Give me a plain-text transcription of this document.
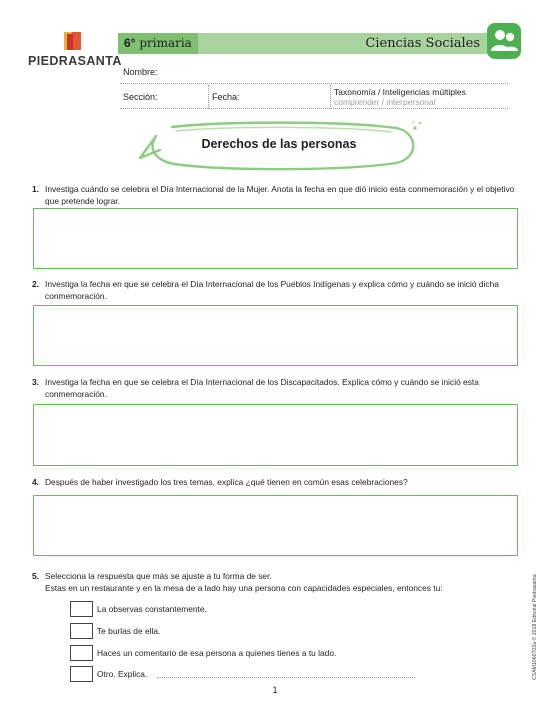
PIEDRASANTA
6° primaria	Ciencias Sociales
Nombre:
Sección:	Fecha:	Taxonomía / Inteligencias múltiples
comprender / interpersonal
Derechos de las personas
1. Investiga cuándo se celebra el Día Internacional de la Mujer. Anota la fecha en que dió inicio esta conmemoración y el objetivo que pretende lograr.
2. Investiga la fecha en que se celebra el Día Internacional de los Pueblos Indígenas y explica cómo y cuándo se inició dicha conmemoración.
3. Investiga la fecha en que se celebra el Día Internacional de los Discapacitados. Explica cómo y cuándo se inició esta conmemoración.
4. Después de haber investigado los tres temas, explica ¿qué tienen en común esas celebraciones?
5. Selecciona la respuesta que más se ajuste a tu forma de ser.
Estas en un restaurante y en la mesa de a lado hay una persona con capacidades especiales, entonces tu:
La observas constantemente.
Te burlas de ella.
Haces un comentario de esa persona a quienes tienes a tu lado.
Otro. Explica.
1
CSAM1060702a © 2018 Editorial Piedrasanta
